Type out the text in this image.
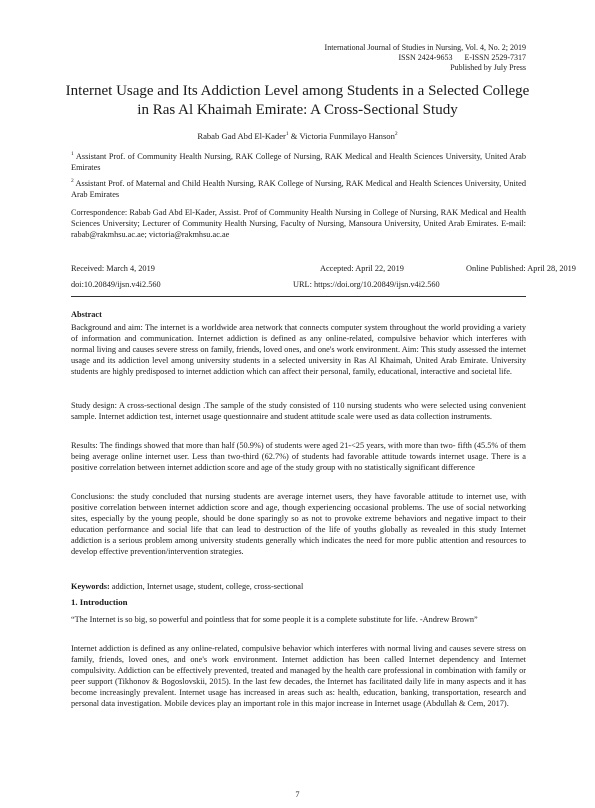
International Journal of Studies in Nursing, Vol. 4, No. 2; 2019
ISSN 2424-9653      E-ISSN 2529-7317
Published by July Press
Internet Usage and Its Addiction Level among Students in a Selected College in Ras Al Khaimah Emirate: A Cross-Sectional Study
Rabab Gad Abd El-Kader$^1$ & Victoria Funmilayo Hanson$^2$
$^1$ Assistant Prof. of Community Health Nursing, RAK College of Nursing, RAK Medical and Health Sciences University, United Arab Emirates
$^2$ Assistant Prof. of Maternal and Child Health Nursing, RAK College of Nursing, RAK Medical and Health Sciences University, United Arab Emirates
Correspondence: Rabab Gad Abd El-Kader, Assist. Prof of Community Health Nursing in College of Nursing, RAK Medical and Health Sciences University; Lecturer of Community Health Nursing, Faculty of Nursing, Mansoura University, United Arab Emirates. E-mail: rabab@rakmhsu.ac.ae; victoria@rakmhsu.ac.ae
Received: March 4, 2019	Accepted: April 22, 2019	Online Published: April 28, 2019
doi:10.20849/ijsn.v4i2.560	URL: https://doi.org/10.20849/ijsn.v4i2.560
Abstract
Background and aim: The internet is a worldwide area network that connects computer system throughout the world providing a variety of information and communication. Internet addiction is defined as any online-related, compulsive behavior which interferes with normal living and causes severe stress on family, friends, loved ones, and one's work environment. Aim: This study assessed the internet usage and its addiction level among university students in a selected university in Ras Al Khaimah, United Arab Emirate. University students are highly predisposed to internet addiction which can affect their personal, family, educational, interactive and societal life.
Study design: A cross-sectional design .The sample of the study consisted of 110 nursing students who were selected using convenient sample. Internet addiction test, internet usage questionnaire and student attitude scale were used as data collection instruments.
Results: The findings showed that more than half (50.9%) of students were aged 21-<25 years, with more than two- fifth (45.5% of them being average online internet user. Less than two-third (62.7%) of students had favorable attitude towards internet usage. There is a positive correlation between internet addiction score and age of the study group with no statistically significant difference
Conclusions: the study concluded that nursing students are average internet users, they have favorable attitude to internet use, with positive correlation between internet addiction score and age, though experiencing occasional problems. The use of social networking sites, especially by the young people, should be done sparingly so as not to provoke extreme behaviors and negative impact to their education performance and social life that can lead to destruction of the life of youths globally as revealed in this study Internet addiction is a serious problem among university students generally which indicates the need for more public attention and resources to develop effective prevention/intervention strategies.
Keywords: addiction, Internet usage, student, college, cross-sectional
1. Introduction
“The Internet is so big, so powerful and pointless that for some people it is a complete substitute for life. -Andrew Brown”
Internet addiction is defined as any online-related, compulsive behavior which interferes with normal living and causes severe stress on family, friends, loved ones, and one's work environment. Internet addiction has been called Internet dependency and Internet compulsivity. Addiction can be effectively prevented, treated and managed by the health care professional in combination with family or peer support (Tikhonov & Bogoslovskii, 2015). In the last few decades, the Internet has facilitated daily life in many aspects and it has become increasingly prevalent. Internet usage has increased in areas such as: health, education, banking, transportation, research and personal data investigation. Mobile devices play an important role in this major increase in Internet usage (Abdullah & Cem, 2017).
7
